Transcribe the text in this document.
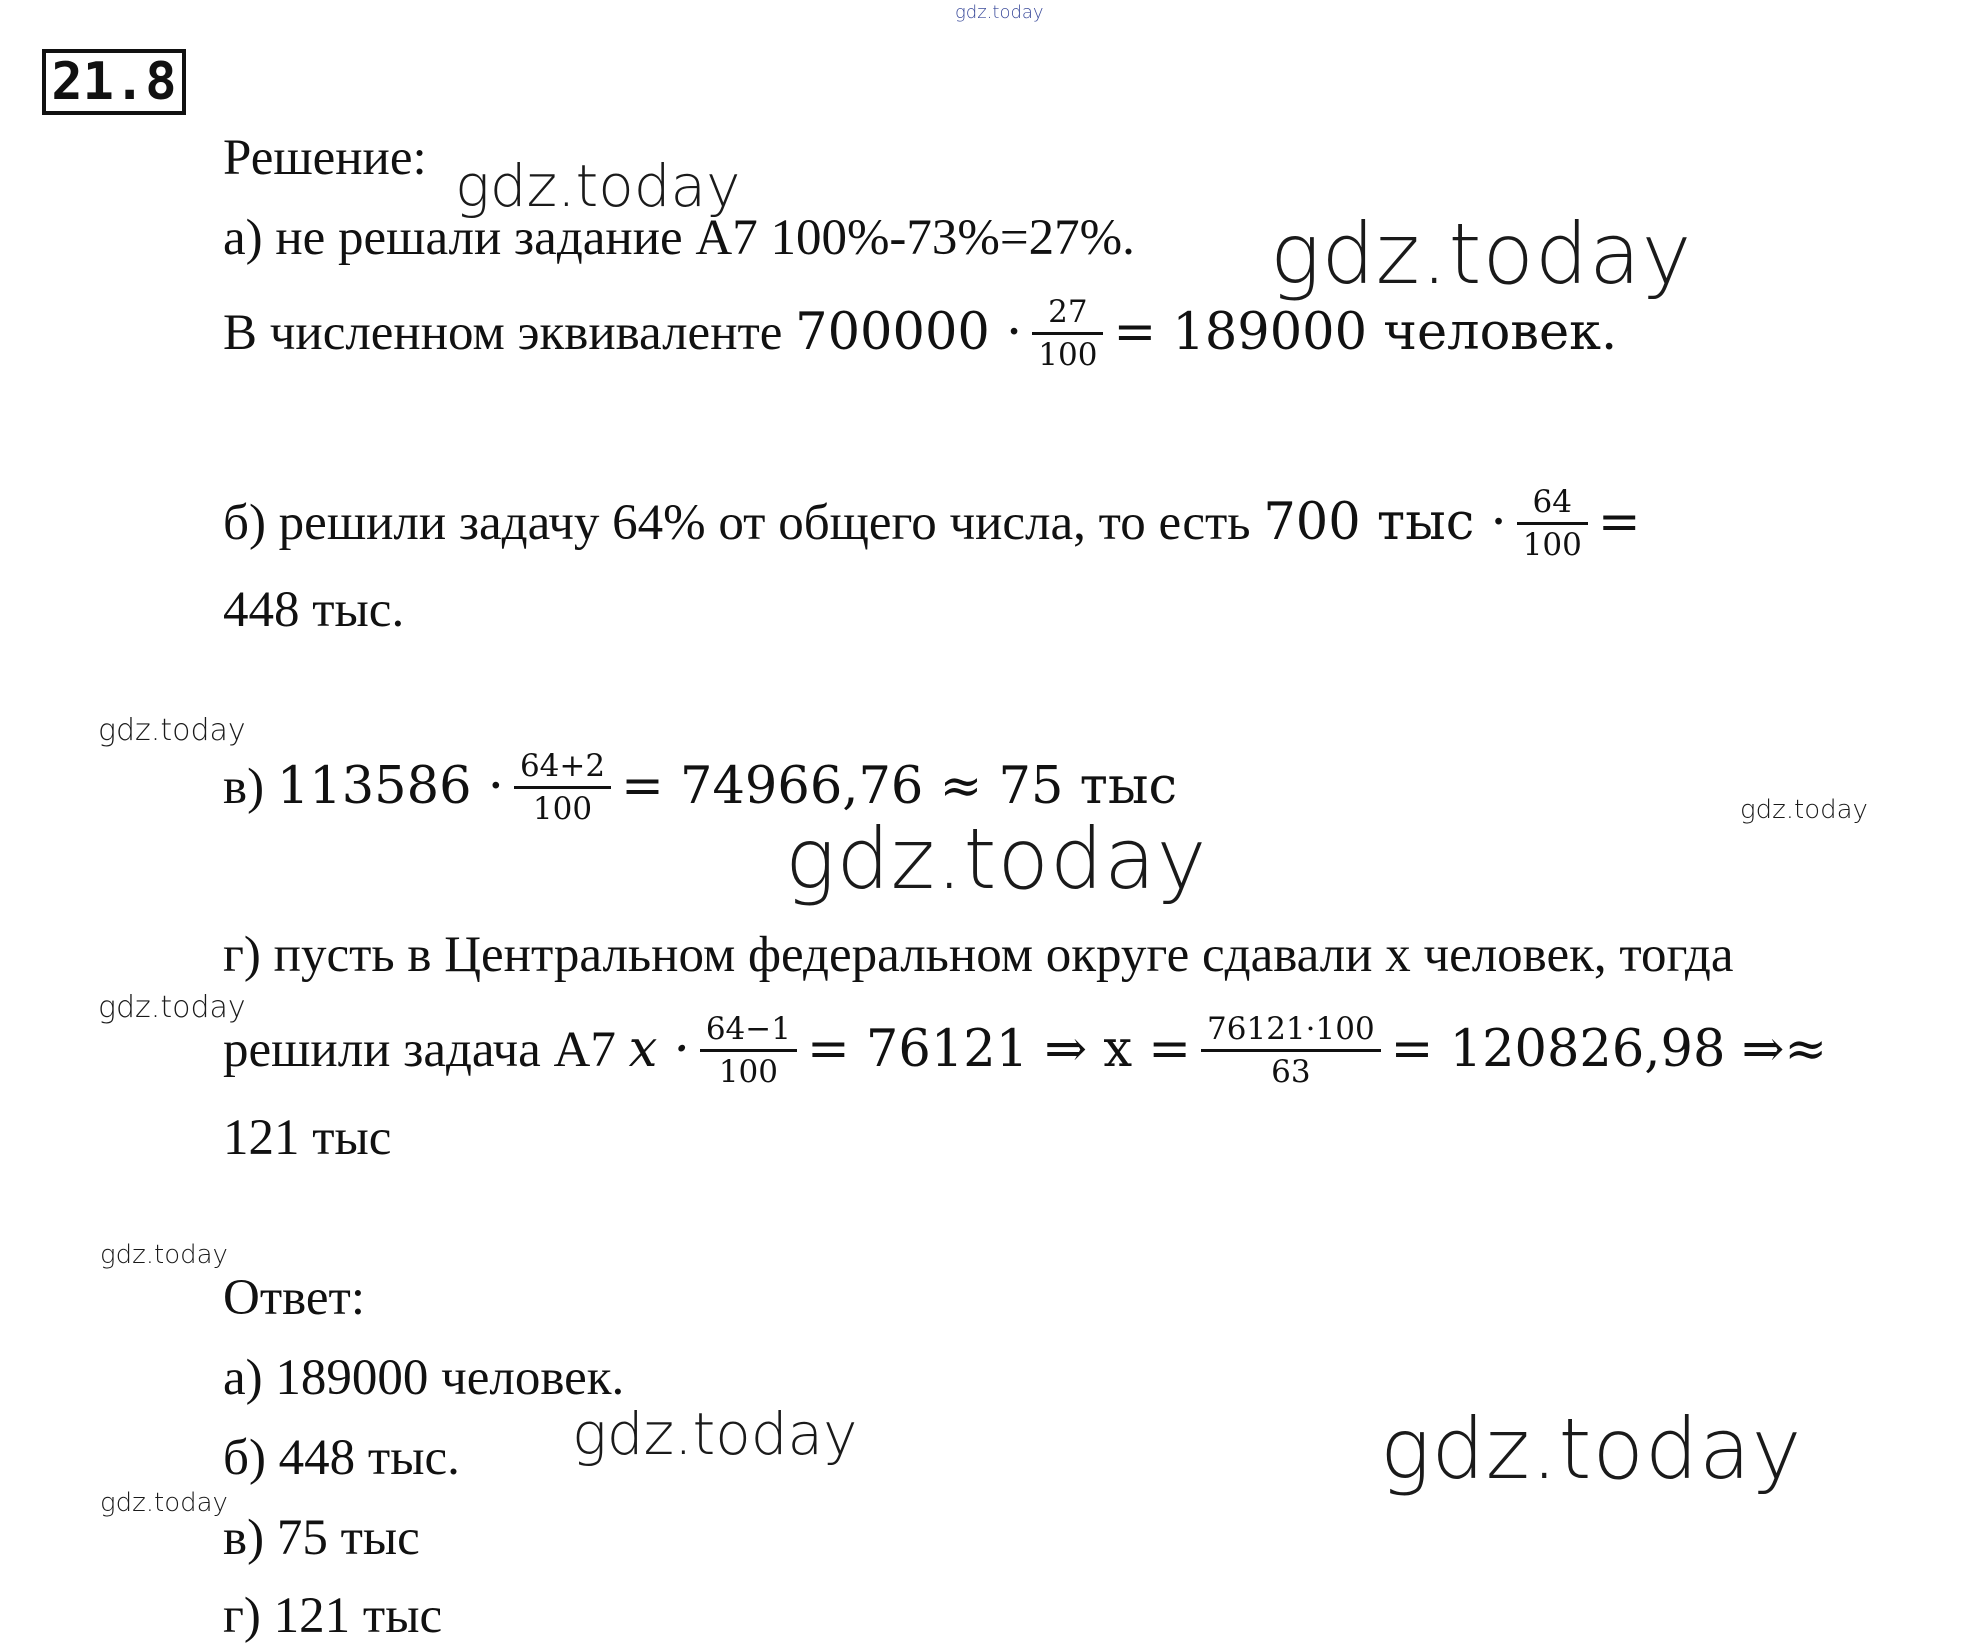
gdz.today
21.8
Решение:
а) не решали задание А7 100%-73%=27%.
В численном эквиваленте $700000 \cdot \frac{27}{100} = 189000$ человек.
б) решили задачу 64% от общего числа, то есть 700 тыс · $\frac{64}{100}$ =
448 тыс.
в) $113586 \cdot \frac{64+2}{100} = 74966,76 \approx 75$ тыс
г) пусть в Центральном федеральном округе сдавали х человек, тогда
решили задача А7 $x \cdot \frac{64-1}{100} = 76121$ ⇒ $x = \frac{76121\cdot 100}{63} = 120826,98$ ⇒≈
121 тыс
Ответ:
а) 189000 человек.
б) 448 тыс.
в) 75 тыс
г) 121 тыс
gdz.today
gdz.today
gdz.today
gdz.today
gdz.today
gdz.today
gdz.today
gdz.today	gdz.today
gdz.today
